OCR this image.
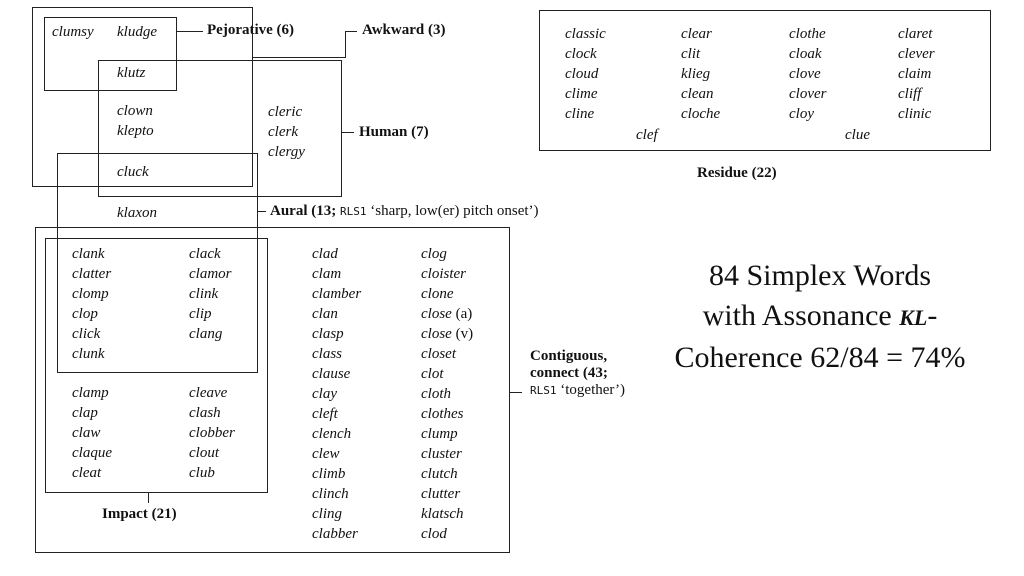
clumsy kludge
klutz
clown
klepto
cleric
clerk
clergy
cluck
klaxon
Pejorative (6)	Awkward (3)
Human (7)
Aural (13; RLS1 ‘sharp, low(er) pitch onset’)
Impact (21)
Contiguous,
connect (43;
RLS1 ‘together’)
Residue (22)
clank
clatter
clomp
clop
click
clunk
clack
clamor
clink
clip
clang
clamp
clap
claw
claque
cleat
cleave
clash
clobber
clout
club
clad
clam
clamber
clan
clasp
class
clause
clay
cleft
clench
clew
climb
clinch
cling
clabber
clog
cloister
clone
close (a)
close (v)
closet
clot
cloth
clothes
clump
cluster
clutch
clutter
klatsch
clod
classic
clock
cloud
clime
cline
clear
clit
klieg
clean
cloche
clothe
cloak
clove
clover
cloy
claret
clever
claim
cliff
clinic
clef	clue
84 Simplex Words
with Assonance KL-
Coherence 62/84 = 74%
